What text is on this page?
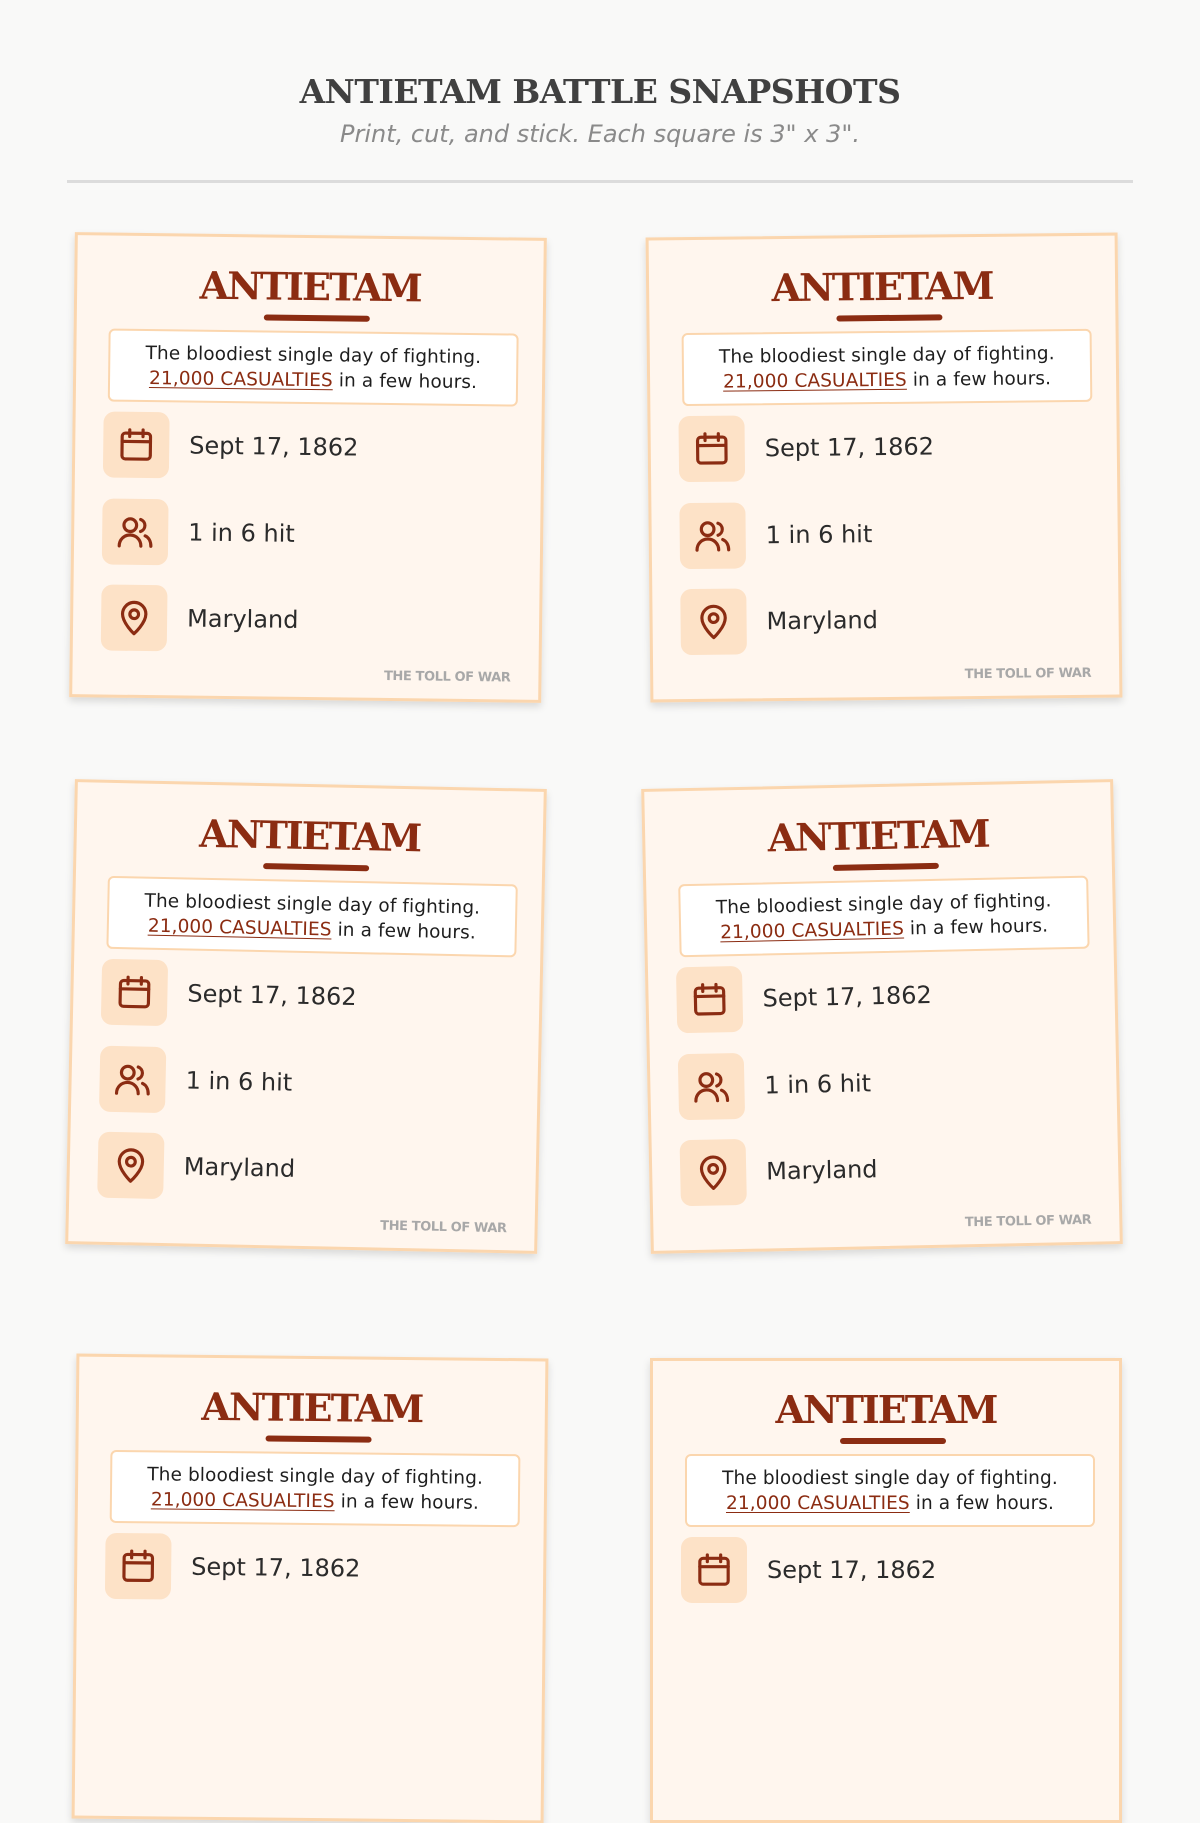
ANTIETAM BATTLE SNAPSHOTS
Print, cut, and stick. Each square is 3" x 3".
ANTIETAM
The bloodiest single day of fighting.
21,000 CASUALTIES in a few hours.
Sept 17, 1862
1 in 6 hit
Maryland
THE TOLL OF WAR
ANTIETAM
The bloodiest single day of fighting.
21,000 CASUALTIES in a few hours.
Sept 17, 1862
1 in 6 hit
Maryland
THE TOLL OF WAR
ANTIETAM
The bloodiest single day of fighting.
21,000 CASUALTIES in a few hours.
Sept 17, 1862
1 in 6 hit
Maryland
THE TOLL OF WAR
ANTIETAM
The bloodiest single day of fighting.
21,000 CASUALTIES in a few hours.
Sept 17, 1862
1 in 6 hit
Maryland
THE TOLL OF WAR
ANTIETAM
The bloodiest single day of fighting.
21,000 CASUALTIES in a few hours.
Sept 17, 1862
ANTIETAM
The bloodiest single day of fighting.
21,000 CASUALTIES in a few hours.
Sept 17, 1862
